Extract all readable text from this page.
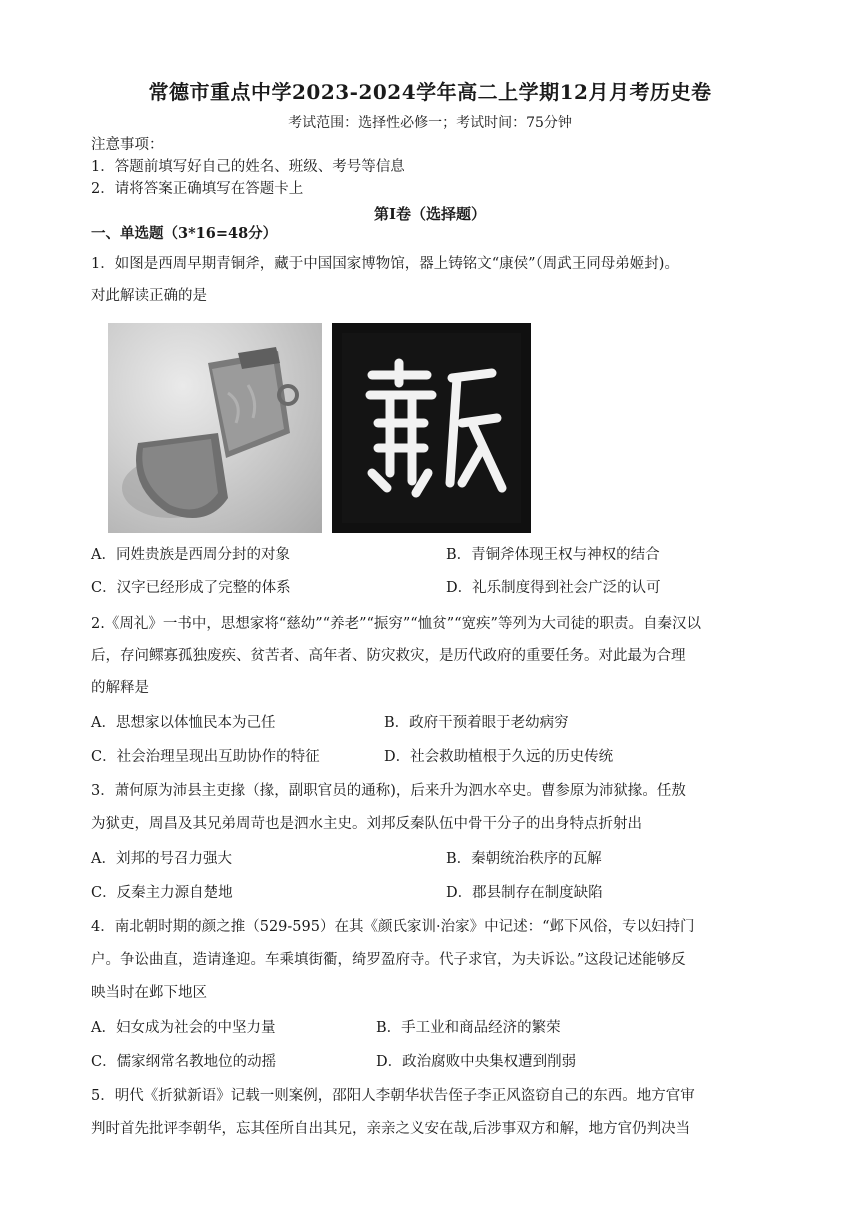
常德市重点中学2023-2024学年高二上学期12月月考历史卷
考试范围：选择性必修一；考试时间：75分钟
注意事项：
1．答题前填写好自己的姓名、班级、考号等信息
2．请将答案正确填写在答题卡上
第I卷（选择题）
一、单选题（3*16=48分）
1．如图是西周早期青铜斧，藏于中国国家博物馆，器上铸铭文“康侯”（周武王同母弟姬封)。
对此解读正确的是
A．同姓贵族是西周分封的对象	B．青铜斧体现王权与神权的结合
C．汉字已经形成了完整的体系	D．礼乐制度得到社会广泛的认可
2.《周礼》一书中，思想家将“慈幼”“养老”“振穷”“恤贫”“宽疾”等列为大司徒的职责。自秦汉以
后，存问鳏寡孤独废疾、贫苦者、高年者、防灾救灾，是历代政府的重要任务。对此最为合理
的解释是
A．思想家以体恤民本为己任	B．政府干预着眼于老幼病穷
C．社会治理呈现出互助协作的特征	D．社会救助植根于久远的历史传统
3．萧何原为沛县主吏掾（掾，副职官员的通称)，后来升为泗水卒史。曹参原为沛狱掾。任敖
为狱吏，周昌及其兄弟周苛也是泗水主史。刘邦反秦队伍中骨干分子的出身特点折射出
A．刘邦的号召力强大	B．秦朝统治秩序的瓦解
C．反秦主力源自楚地	D．郡县制存在制度缺陷
4．南北朝时期的颜之推（529-595）在其《颜氏家训·治家》中记述：“邺下风俗，专以妇持门
户。争讼曲直，造请逢迎。车乘填街衢，绮罗盈府寺。代子求官，为夫诉讼。”这段记述能够反
映当时在邺下地区
A．妇女成为社会的中坚力量	B．手工业和商品经济的繁荣
C．儒家纲常名教地位的动摇	D．政治腐败中央集权遭到削弱
5．明代《折狱新语》记载一则案例，邵阳人李朝华状告侄子李正风盗窃自己的东西。地方官审
判时首先批评李朝华，忘其侄所自出其兄，亲亲之义安在哉,后涉事双方和解，地方官仍判决当
